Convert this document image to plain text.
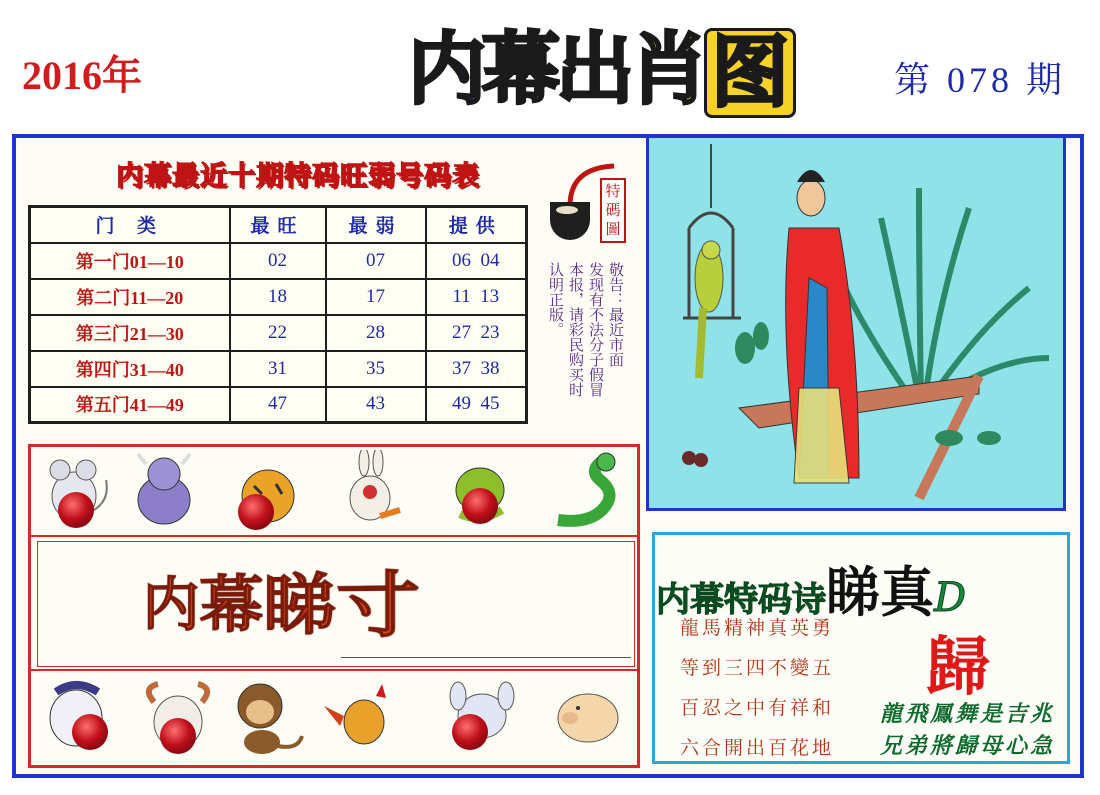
2016年	内 幕 出 肖 图	第 078 期
内幕最近十期特码旺弱号码表
门 类	最旺	最弱	提供
第一门01—10	02	07	06  04
第二门11—20	18	17	11  13
第三门21—30	22	28	27  23
第四门31—40	31	35	37  38
第五门41—49	47	43	49  45
特碼圖
敬告：最近市面
发现有不法分子假冒
本报，请彩民购买时
认明正版。
内幕睇寸	内幕特码诗睇真D
歸
龍馬精神真英勇
等到三四不變五
百忍之中有祥和
六合開出百花地
龍飛鳳舞是吉兆
兄弟將歸母心急
